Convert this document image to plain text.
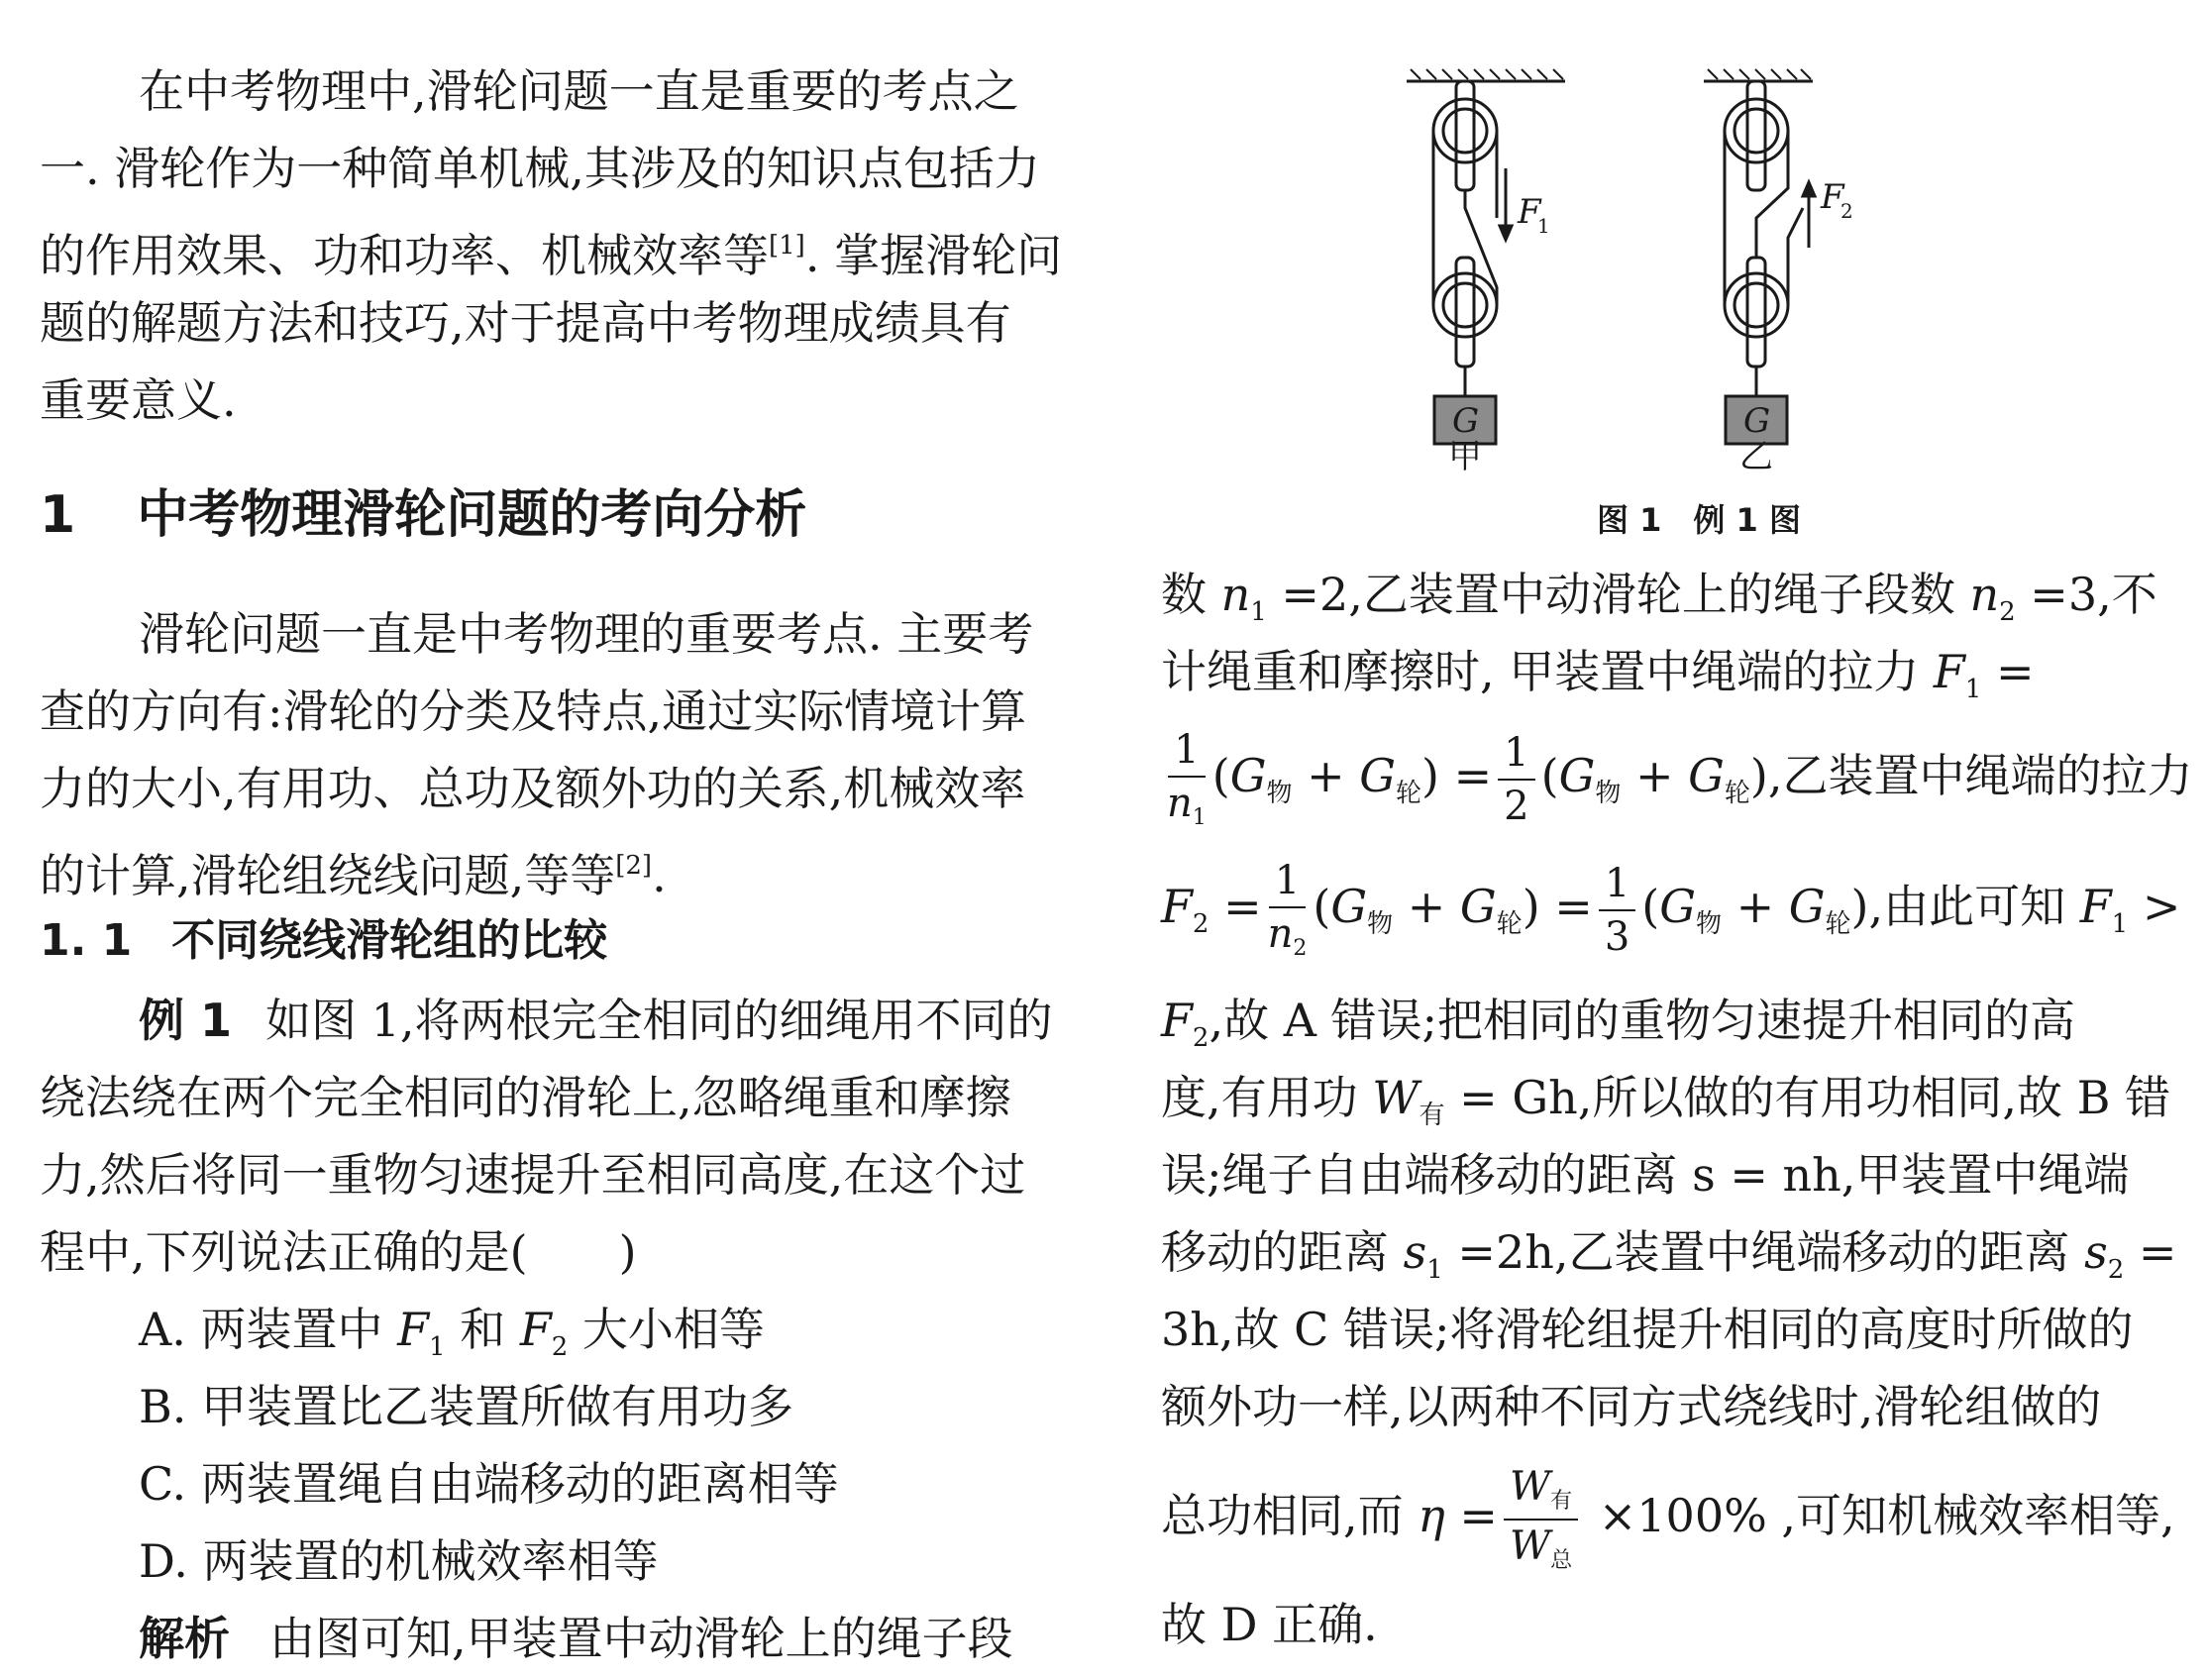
在中考物理中,滑轮问题一直是重要的考点之
一. 滑轮作为一种简单机械,其涉及的知识点包括力
的作用效果、功和功率、机械效率等[1]. 掌握滑轮问
题的解题方法和技巧,对于提高中考物理成绩具有
重要意义.
1 中考物理滑轮问题的考向分析
滑轮问题一直是中考物理的重要考点. 主要考
查的方向有:滑轮的分类及特点,通过实际情境计算
力的大小,有用功、总功及额外功的关系,机械效率
的计算,滑轮组绕线问题,等等[2].
1. 1 不同绕线滑轮组的比较
例 1 如图 1,将两根完全相同的细绳用不同的
绕法绕在两个完全相同的滑轮上,忽略绳重和摩擦
力,然后将同一重物匀速提升至相同高度,在这个过
程中,下列说法正确的是(　　)
A. 两装置中 $F_1$ 和 $F_2$ 大小相等
B. 甲装置比乙装置所做有用功多
C. 两装置绳自由端移动的距离相等
D. 两装置的机械效率相等
解析 由图可知,甲装置中动滑轮上的绳子段
G	G
F
1
F
2
甲	乙
图 1　例 1 图
数 $n_1 =2$,乙装置中动滑轮上的绳子段数 $n_2 =3$,不
计绳重和摩擦时, 甲装置中绳端的拉力 $F_1$ =
$\frac{1}{n_1} (G_物 + G_轮) = \frac{1}{2} (G_物 + G_轮)$,乙装置中绳端的拉力
$F_2 = \frac{1}{n_2} (G_物 + G_轮) = \frac{1}{3} (G_物 + G_轮)$,由此可知 $F_1$ >
$F_2$,故 A 错误;把相同的重物匀速提升相同的高
度,有用功 $W_有 = Gh$,所以做的有用功相同,故 B 错
误;绳子自由端移动的距离 s = nh,甲装置中绳端
移动的距离 $s_1 =2h$,乙装置中绳端移动的距离 $s_2$ =
3h,故 C 错误;将滑轮组提升相同的高度时所做的
额外功一样,以两种不同方式绕线时,滑轮组做的
总功相同,而 $\eta = \frac{W_有}{W_总} \times 100\%$ ,可知机械效率相等,
故 D 正确.
